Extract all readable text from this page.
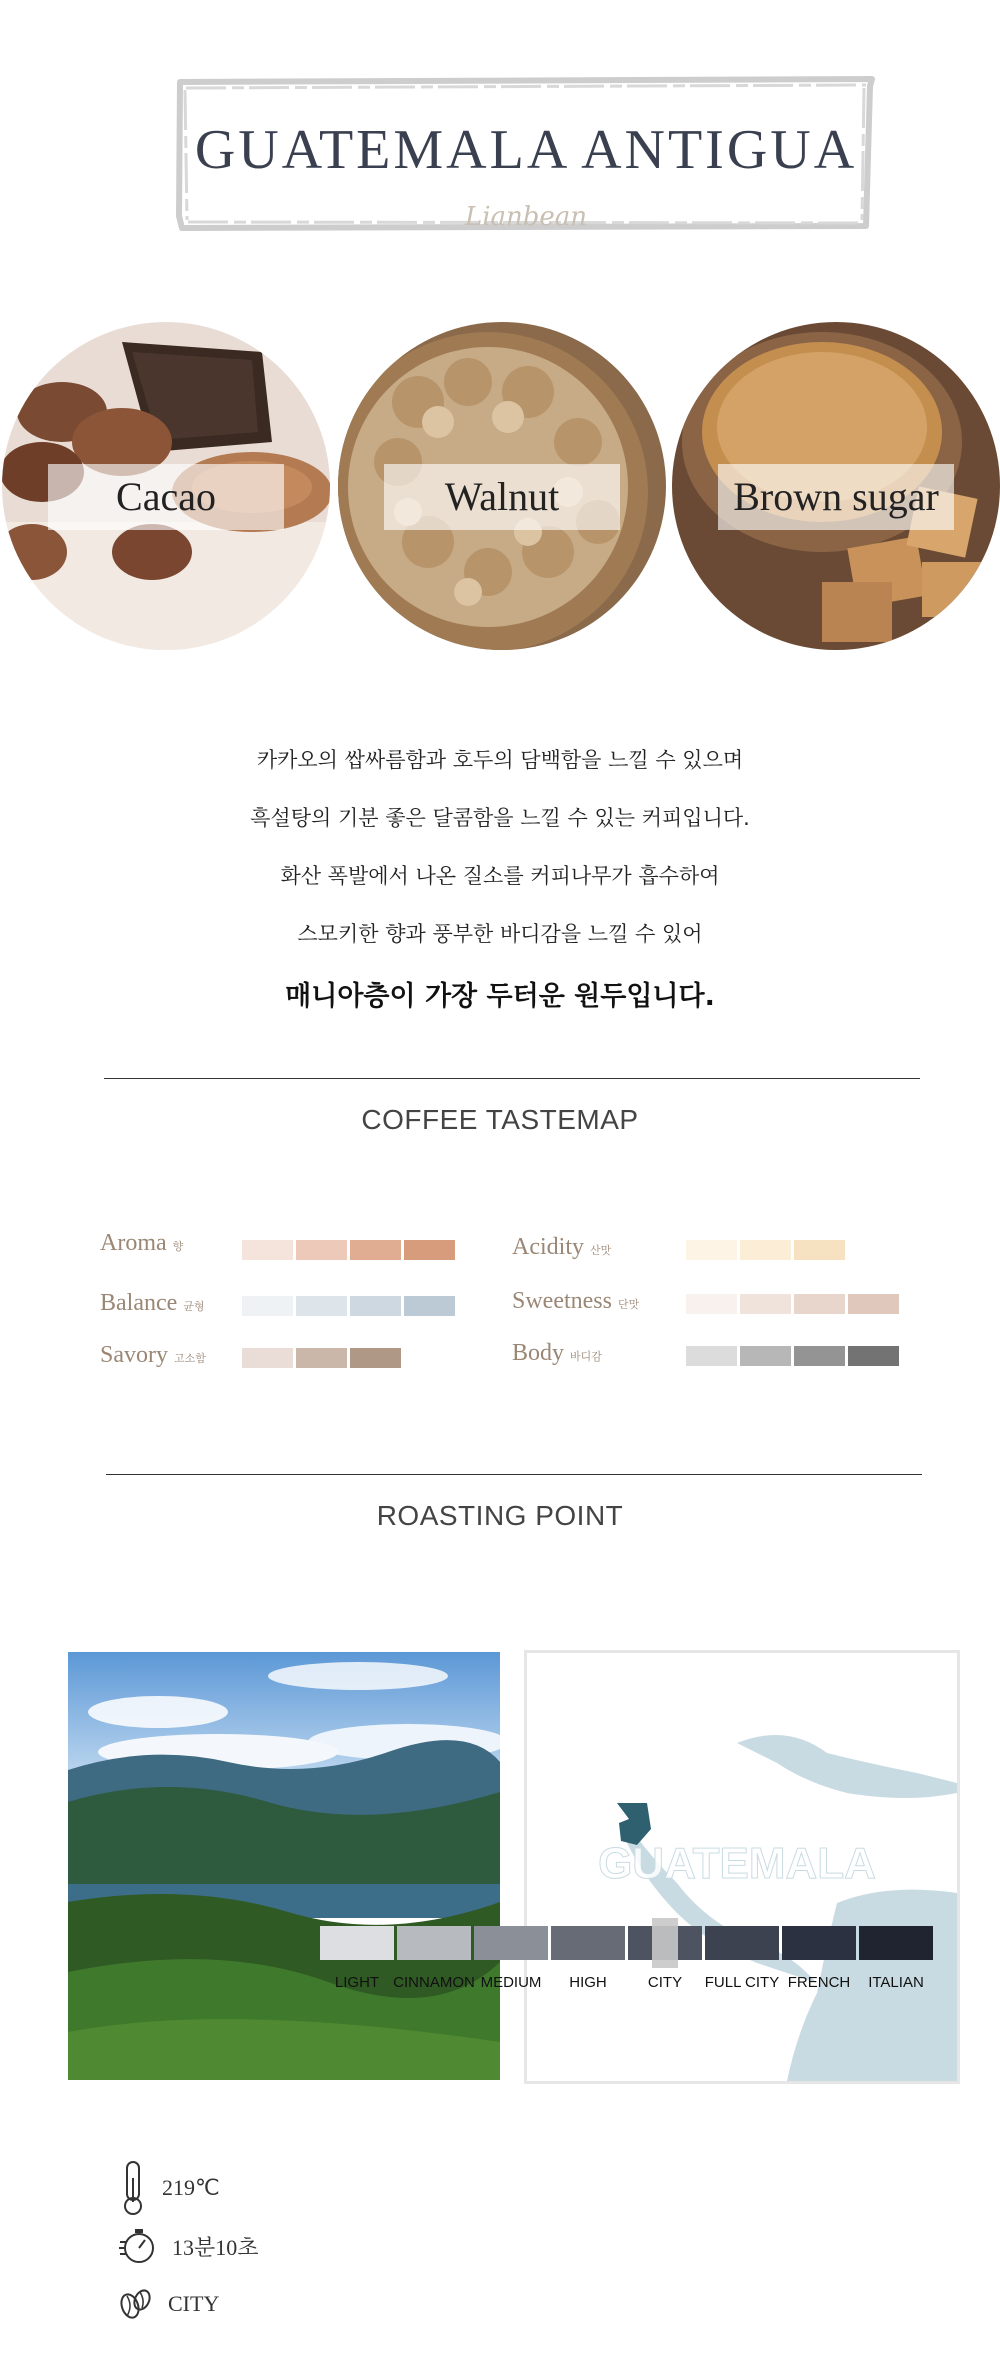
GUATEMALA ANTIGUA
Lianbean
Cacao	Walnut	Brown sugar
카카오의 쌉싸름함과 호두의 담백함을 느낄 수 있으며
흑설탕의 기분 좋은 달콤함을 느낄 수 있는 커피입니다.
화산 폭발에서 나온 질소를 커피나무가 흡수하여
스모키한 향과 풍부한 바디감을 느낄 수 있어
매니아층이 가장 두터운 원두입니다.
COFFEE TASTEMAP
Aroma 향	Acidity 산맛
Balance 균형	Sweetness 단맛
Savory 고소함	Body 바디감
ROASTING POINT
GUATEMALA
219℃
13분10초
CITY
LIGHT CINNAMON MEDIUM HIGH	CITY FULL CITY FRENCH ITALIAN
